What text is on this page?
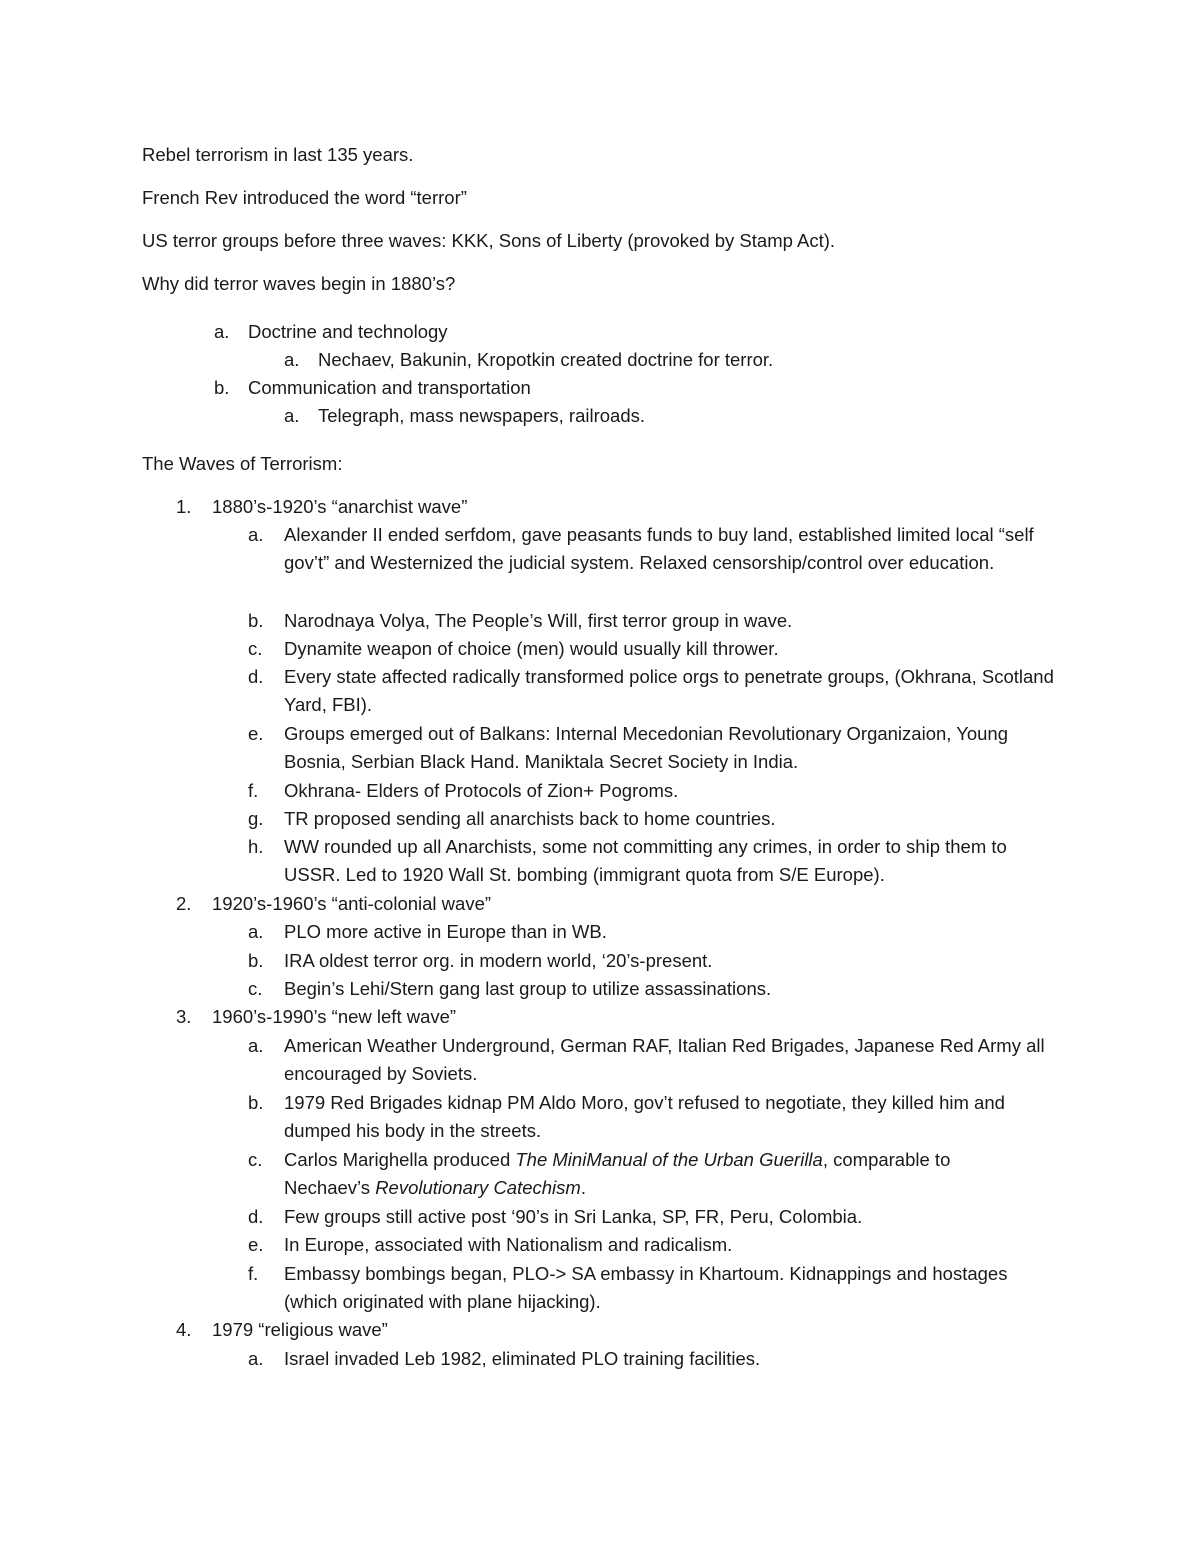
Rebel terrorism in last 135 years.
French Rev introduced the word “terror”
US terror groups before three waves: KKK, Sons of Liberty (provoked by Stamp Act).
Why did terror waves begin in 1880’s?
a. Doctrine and technology
a. Nechaev, Bakunin, Kropotkin created doctrine for terror.
b. Communication and transportation
a. Telegraph, mass newspapers, railroads.
The Waves of Terrorism:
1. 1880’s-1920’s “anarchist wave”
a. Alexander II ended serfdom, gave peasants funds to buy land, established limited local “self gov’t” and Westernized the judicial system. Relaxed censorship/control over education.
b. Narodnaya Volya, The People’s Will, first terror group in wave.
c. Dynamite weapon of choice (men) would usually kill thrower.
d. Every state affected radically transformed police orgs to penetrate groups, (Okhrana, Scotland Yard, FBI).
e. Groups emerged out of Balkans: Internal Mecedonian Revolutionary Organizaion, Young Bosnia, Serbian Black Hand. Maniktala Secret Society in India.
f. Okhrana- Elders of Protocols of Zion+ Pogroms.
g. TR proposed sending all anarchists back to home countries.
h. WW rounded up all Anarchists, some not committing any crimes, in order to ship them to USSR. Led to 1920 Wall St. bombing (immigrant quota from S/E Europe).
2. 1920’s-1960’s “anti-colonial wave”
a. PLO more active in Europe than in WB.
b. IRA oldest terror org. in modern world, ‘20’s-present.
c. Begin’s Lehi/Stern gang last group to utilize assassinations.
3. 1960’s-1990’s “new left wave”
a. American Weather Underground, German RAF, Italian Red Brigades, Japanese Red Army all encouraged by Soviets.
b. 1979 Red Brigades kidnap PM Aldo Moro, gov’t refused to negotiate, they killed him and dumped his body in the streets.
c. Carlos Marighella produced The MiniManual of the Urban Guerilla, comparable to Nechaev’s Revolutionary Catechism.
d. Few groups still active post ‘90’s in Sri Lanka, SP, FR, Peru, Colombia.
e. In Europe, associated with Nationalism and radicalism.
f. Embassy bombings began, PLO-> SA embassy in Khartoum. Kidnappings and hostages (which originated with plane hijacking).
4. 1979 “religious wave”
a. Israel invaded Leb 1982, eliminated PLO training facilities.
